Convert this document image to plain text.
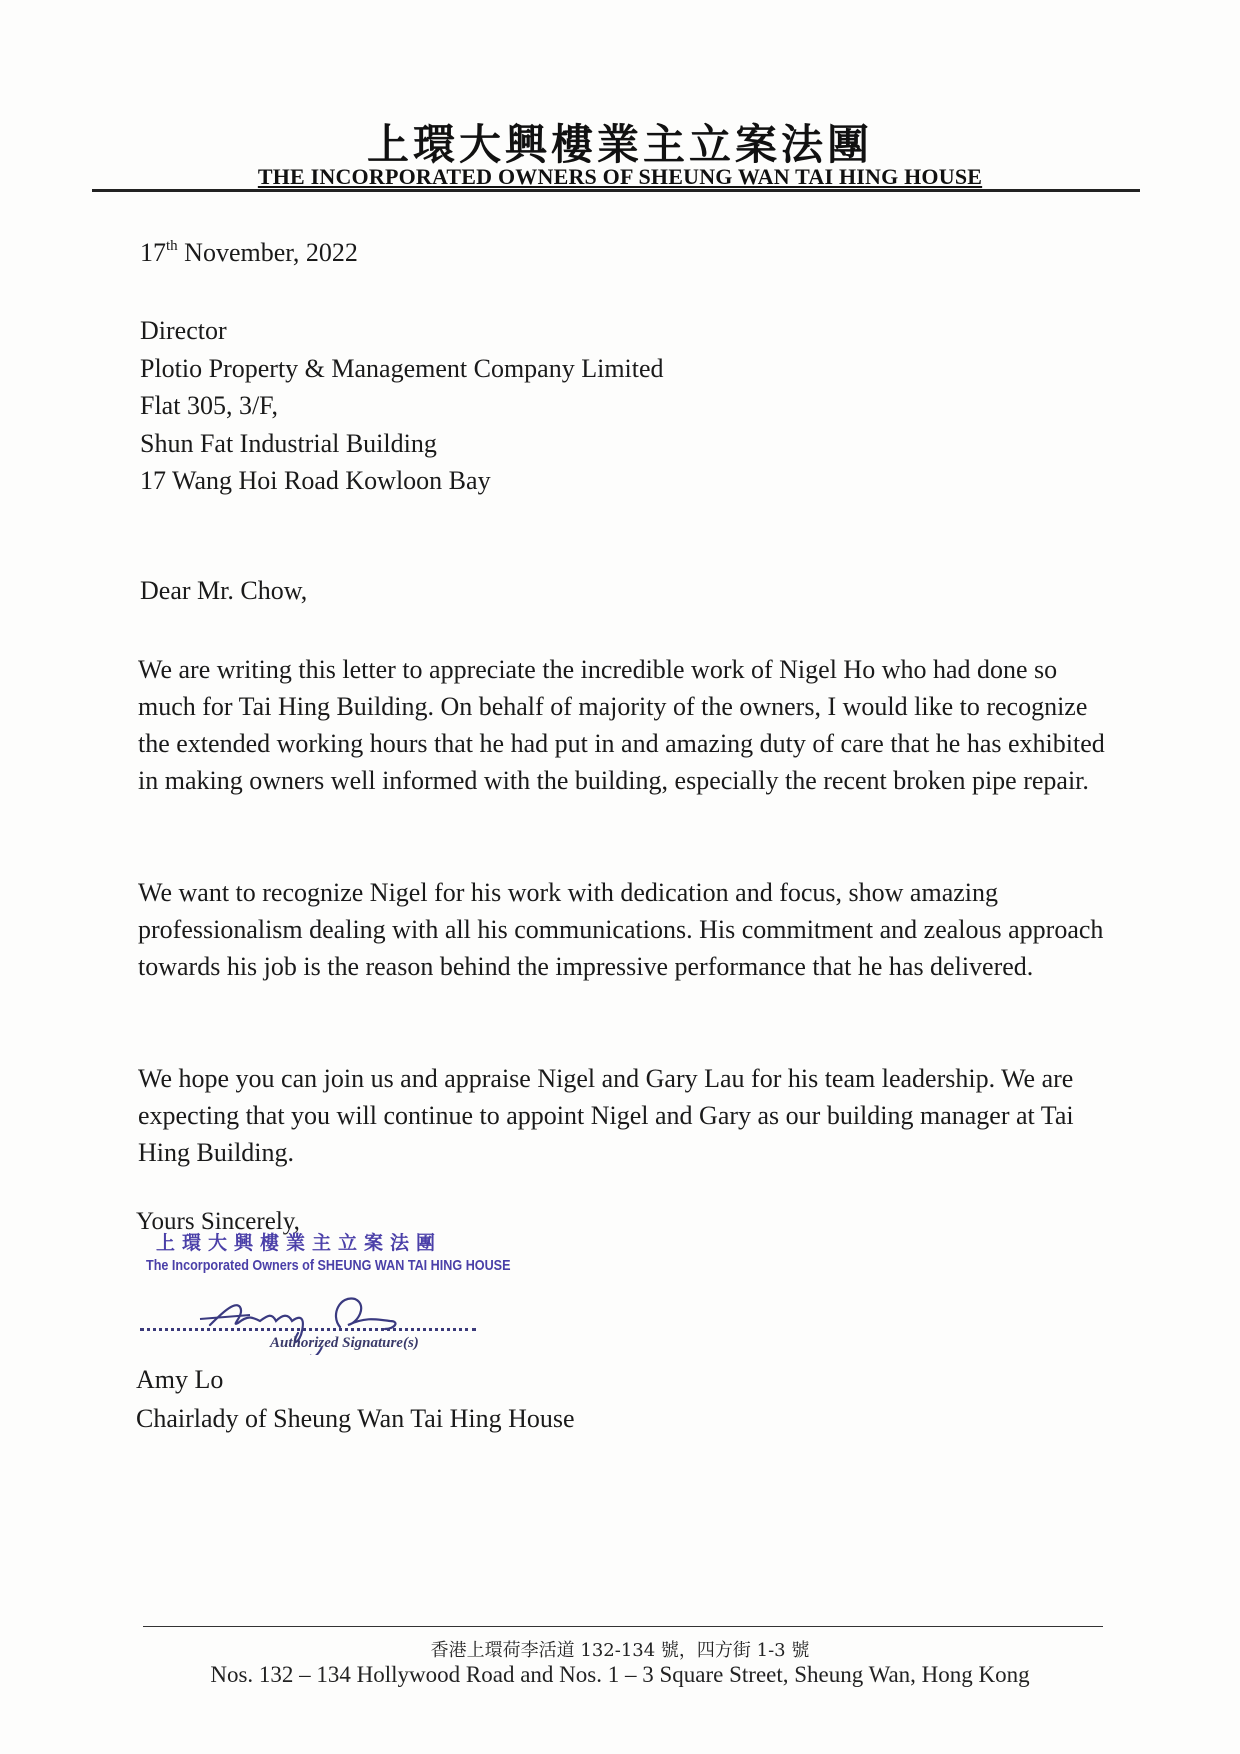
上環大興樓業主立案法團
THE INCORPORATED OWNERS OF SHEUNG WAN TAI HING HOUSE
17th November, 2022
Director
Plotio Property & Management Company Limited
Flat 305, 3/F,
Shun Fat Industrial Building
17 Wang Hoi Road Kowloon Bay
Dear Mr. Chow,

We are writing this letter to appreciate the incredible work of Nigel Ho who had done so much for Tai Hing Building. On behalf of majority of the owners, I would like to recognize the extended working hours that he had put in and amazing duty of care that he has exhibited in making owners well informed with the building, especially the recent broken pipe repair.

We want to recognize Nigel for his work with dedication and focus, show amazing professionalism dealing with all his communications. His commitment and zealous approach towards his job is the reason behind the impressive performance that he has delivered.

We hope you can join us and appraise Nigel and Gary Lau for his team leadership. We are expecting that you will continue to appoint Nigel and Gary as our building manager at Tai Hing Building.

Yours Sincerely,
上環大興樓業主立案法團
The Incorporated Owners of SHEUNG WAN TAI HING HOUSE
Authorized Signature(s)
Amy Lo
Chairlady of Sheung Wan Tai Hing House
香港上環荷李活道 132-134 號，四方街 1-3 號
Nos. 132 – 134 Hollywood Road and Nos. 1 – 3 Square Street, Sheung Wan, Hong Kong
